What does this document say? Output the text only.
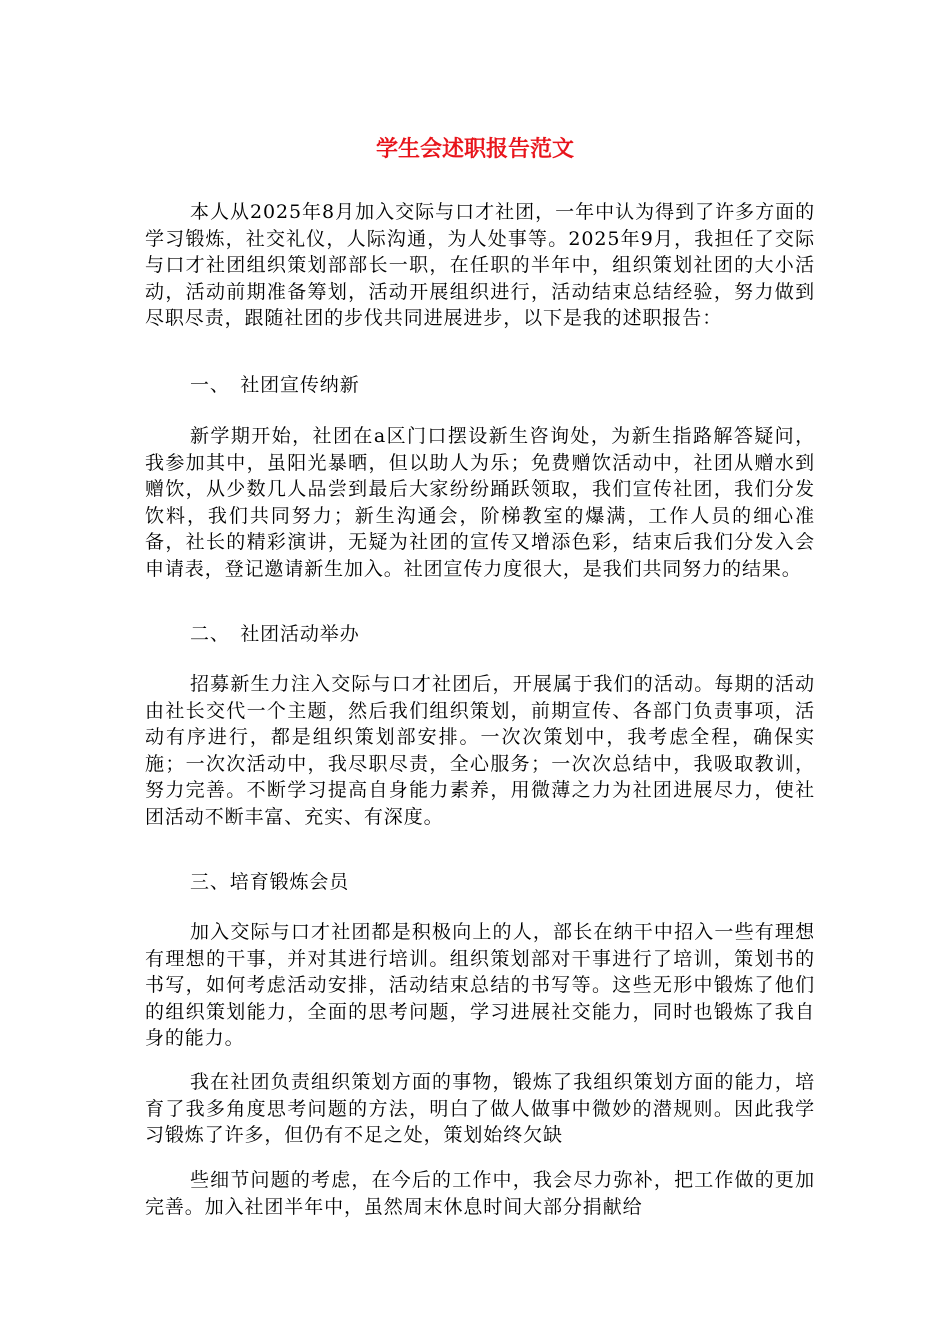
学生会述职报告范文

本人从2025年8月加入交际与口才社团，一年中认为得到了许多方面的学习锻炼，社交礼仪，人际沟通，为人处事等。2025年9月，我担任了交际与口才社团组织策划部部长一职，在任职的半年中，组织策划社团的大小活动，活动前期准备筹划，活动开展组织进行，活动结束总结经验，努力做到尽职尽责，跟随社团的步伐共同进展进步，以下是我的述职报告：

一、　社团宣传纳新

新学期开始，社团在a区门口摆设新生咨询处，为新生指路解答疑问，我参加其中，虽阳光暴晒，但以助人为乐；免费赠饮活动中，社团从赠水到赠饮，从少数几人品尝到最后大家纷纷踊跃领取，我们宣传社团，我们分发饮料，我们共同努力；新生沟通会，阶梯教室的爆满，工作人员的细心准备，社长的精彩演讲，无疑为社团的宣传又增添色彩，结束后我们分发入会申请表，登记邀请新生加入。社团宣传力度很大，是我们共同努力的结果。

二、　社团活动举办

招募新生力注入交际与口才社团后，开展属于我们的活动。每期的活动由社长交代一个主题，然后我们组织策划，前期宣传、各部门负责事项，活动有序进行，都是组织策划部安排。一次次策划中，我考虑全程，确保实施；一次次活动中，我尽职尽责，全心服务；一次次总结中，我吸取教训，努力完善。不断学习提高自身能力素养，用微薄之力为社团进展尽力，使社团活动不断丰富、充实、有深度。

三、培育锻炼会员

加入交际与口才社团都是积极向上的人，部长在纳干中招入一些有理想有理想的干事，并对其进行培训。组织策划部对干事进行了培训，策划书的书写，如何考虑活动安排，活动结束总结的书写等。这些无形中锻炼了他们的组织策划能力，全面的思考问题，学习进展社交能力，同时也锻炼了我自身的能力。

我在社团负责组织策划方面的事物，锻炼了我组织策划方面的能力，培育了我多角度思考问题的方法，明白了做人做事中微妙的潜规则。因此我学习锻炼了许多，但仍有不足之处，策划始终欠缺

些细节问题的考虑，在今后的工作中，我会尽力弥补，把工作做的更加完善。加入社团半年中，虽然周末休息时间大部分捐献给
